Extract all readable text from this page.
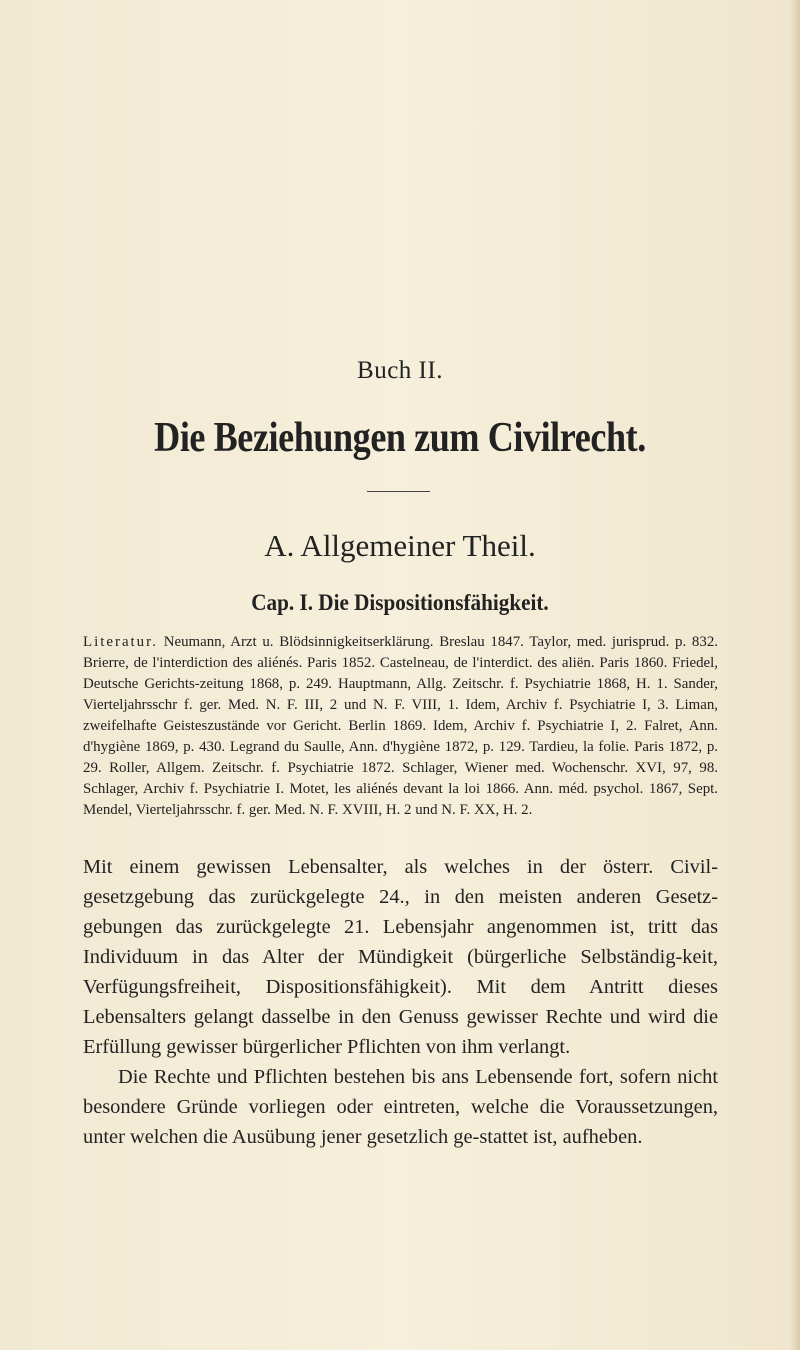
Buch II.
Die Beziehungen zum Civilrecht.
A. Allgemeiner Theil.
Cap. I. Die Dispositionsfähigkeit.
Literatur. Neumann, Arzt u. Blödsinnigkeitserklärung. Breslau 1847. Taylor, med. jurisprud. p. 832. Brierre, de l'interdiction des aliénés. Paris 1852. Castelneau, de l'interdict. des aliën. Paris 1860. Friedel, Deutsche Gerichts-zeitung 1868, p. 249. Hauptmann, Allg. Zeitschr. f. Psychiatrie 1868, H. 1. Sander, Vierteljahrsschr f. ger. Med. N. F. III, 2 und N. F. VIII, 1. Idem, Archiv f. Psychiatrie I, 3. Liman, zweifelhafte Geisteszustände vor Gericht. Berlin 1869. Idem, Archiv f. Psychiatrie I, 2. Falret, Ann. d'hygiène 1869, p. 430. Legrand du Saulle, Ann. d'hygiène 1872, p. 129. Tardieu, la folie. Paris 1872, p. 29. Roller, Allgem. Zeitschr. f. Psychiatrie 1872. Schlager, Wiener med. Wochenschr. XVI, 97, 98. Schlager, Archiv f. Psychiatrie I. Motet, les aliénés devant la loi 1866. Ann. méd. psychol. 1867, Sept. Mendel, Vierteljahrsschr. f. ger. Med. N. F. XVIII, H. 2 und N. F. XX, H. 2.

Mit einem gewissen Lebensalter, als welches in der österr. Civil-gesetzgebung das zurückgelegte 24., in den meisten anderen Gesetz-gebungen das zurückgelegte 21. Lebensjahr angenommen ist, tritt das Individuum in das Alter der Mündigkeit (bürgerliche Selbständig-keit, Verfügungsfreiheit, Dispositionsfähigkeit). Mit dem Antritt dieses Lebensalters gelangt dasselbe in den Genuss gewisser Rechte und wird die Erfüllung gewisser bürgerlicher Pflichten von ihm verlangt.

Die Rechte und Pflichten bestehen bis ans Lebensende fort, sofern nicht besondere Gründe vorliegen oder eintreten, welche die Voraussetzungen, unter welchen die Ausübung jener gesetzlich ge-stattet ist, aufheben.
